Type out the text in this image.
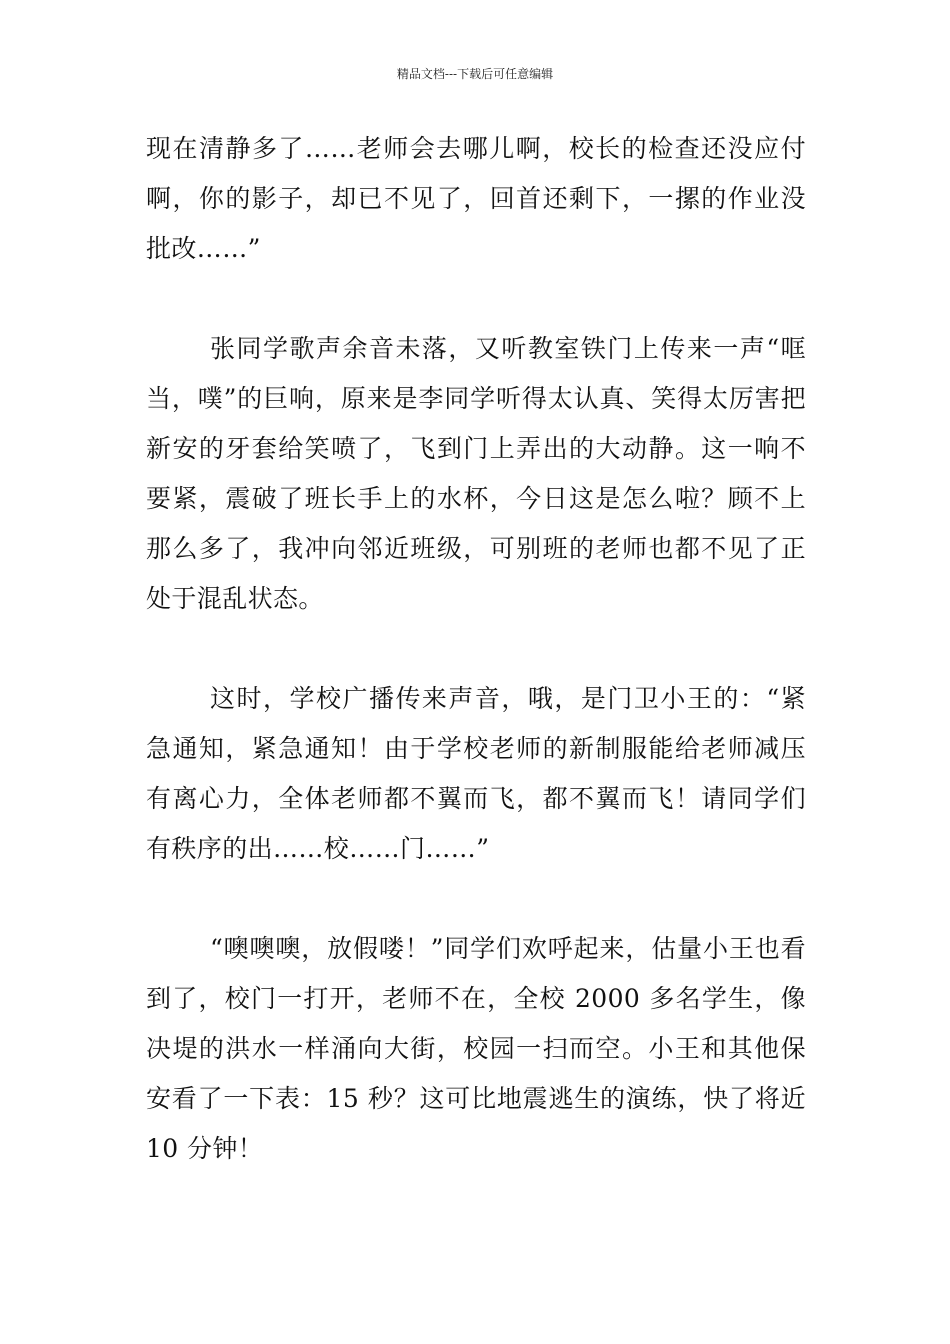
精品文档---下载后可任意编辑

现在清静多了……老师会去哪儿啊，校长的检查还没应付啊，你的影子，却已不见了，回首还剩下，一摞的作业没批改……”

张同学歌声余音未落，又听教室铁门上传来一声“哐当，噗”的巨响，原来是李同学听得太认真、笑得太厉害把新安的牙套给笑喷了，飞到门上弄出的大动静。这一响不要紧，震破了班长手上的水杯，今日这是怎么啦？顾不上那么多了，我冲向邻近班级，可别班的老师也都不见了正处于混乱状态。

这时，学校广播传来声音，哦，是门卫小王的：“紧急通知，紧急通知！由于学校老师的新制服能给老师减压有离心力，全体老师都不翼而飞，都不翼而飞！请同学们有秩序的出……校……门……”

“噢噢噢，放假喽！”同学们欢呼起来，估量小王也看到了，校门一打开，老师不在，全校 2000 多名学生，像决堤的洪水一样涌向大街，校园一扫而空。小王和其他保安看了一下表：15 秒？这可比地震逃生的演练，快了将近 10 分钟！
